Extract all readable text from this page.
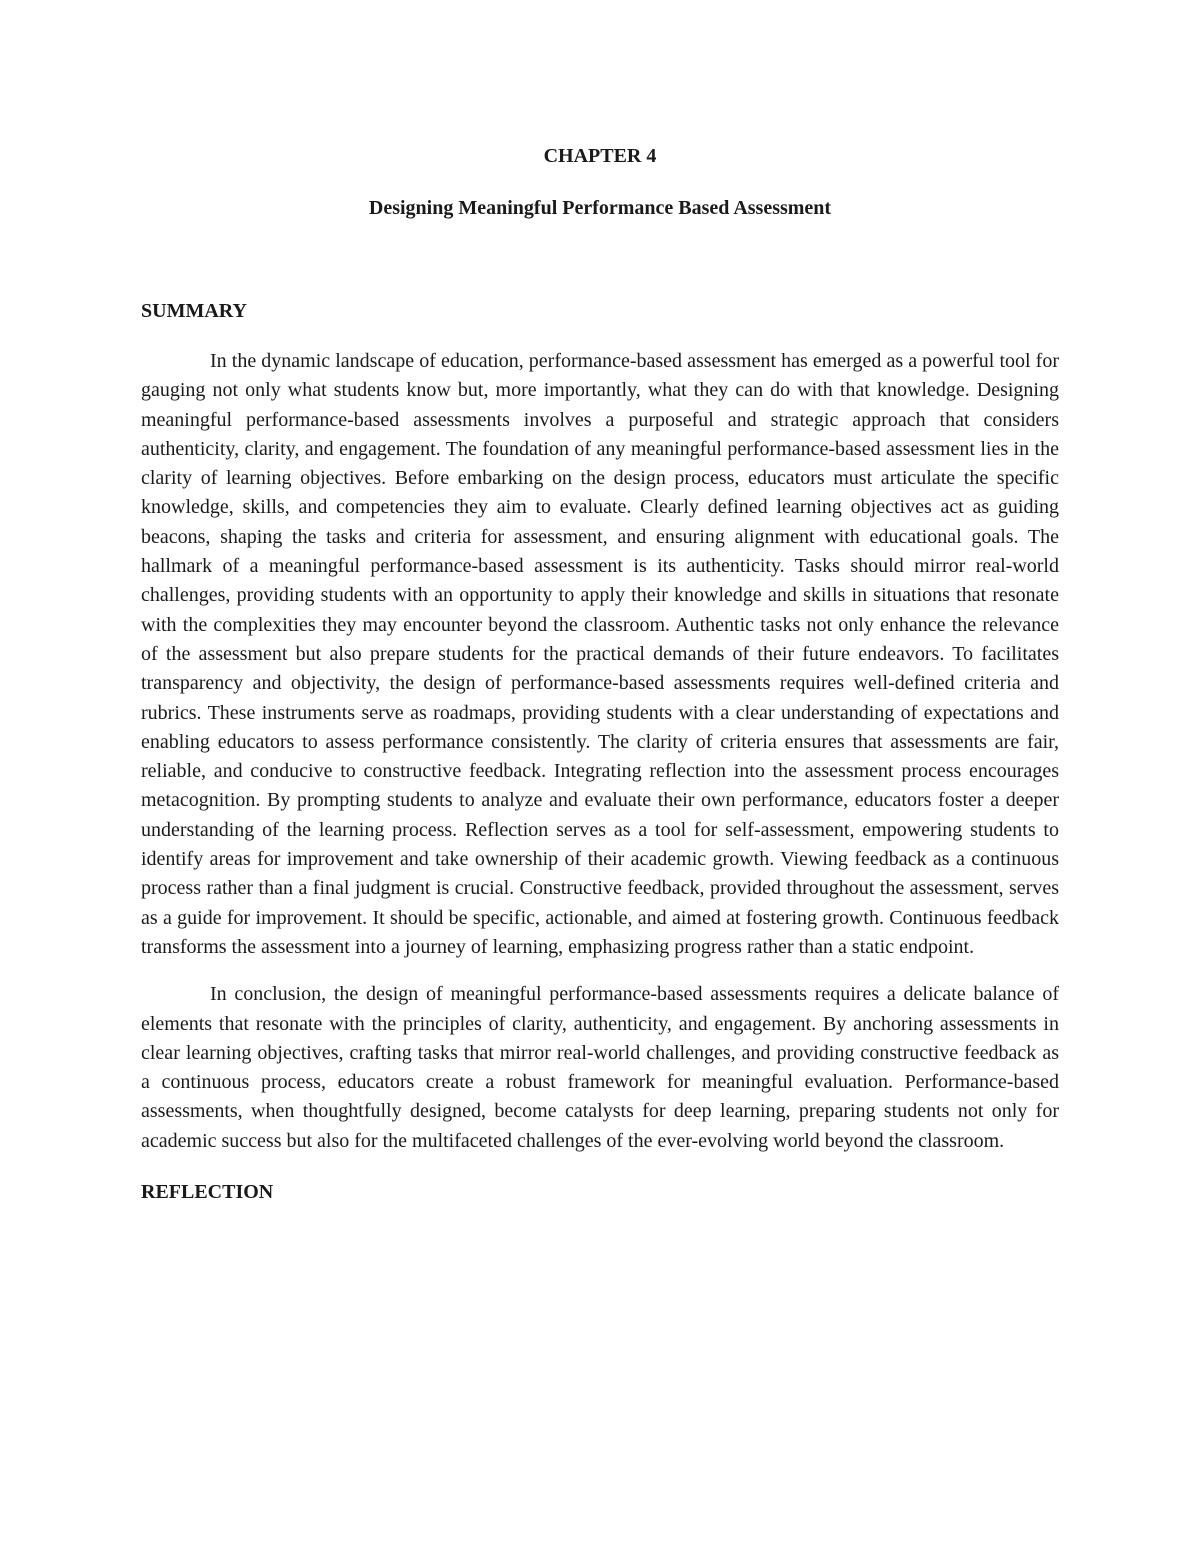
CHAPTER 4

Designing Meaningful Performance Based Assessment

SUMMARY

In the dynamic landscape of education, performance-based assessment has emerged as a powerful tool for gauging not only what students know but, more importantly, what they can do with that knowledge. Designing meaningful performance-based assessments involves a purposeful and strategic approach that considers authenticity, clarity, and engagement. The foundation of any meaningful performance-based assessment lies in the clarity of learning objectives. Before embarking on the design process, educators must articulate the specific knowledge, skills, and competencies they aim to evaluate. Clearly defined learning objectives act as guiding beacons, shaping the tasks and criteria for assessment, and ensuring alignment with educational goals. The hallmark of a meaningful performance-based assessment is its authenticity. Tasks should mirror real-world challenges, providing students with an opportunity to apply their knowledge and skills in situations that resonate with the complexities they may encounter beyond the classroom. Authentic tasks not only enhance the relevance of the assessment but also prepare students for the practical demands of their future endeavors. To facilitates transparency and objectivity, the design of performance-based assessments requires well-defined criteria and rubrics. These instruments serve as roadmaps, providing students with a clear understanding of expectations and enabling educators to assess performance consistently. The clarity of criteria ensures that assessments are fair, reliable, and conducive to constructive feedback. Integrating reflection into the assessment process encourages metacognition. By prompting students to analyze and evaluate their own performance, educators foster a deeper understanding of the learning process. Reflection serves as a tool for self-assessment, empowering students to identify areas for improvement and take ownership of their academic growth. Viewing feedback as a continuous process rather than a final judgment is crucial. Constructive feedback, provided throughout the assessment, serves as a guide for improvement. It should be specific, actionable, and aimed at fostering growth. Continuous feedback transforms the assessment into a journey of learning, emphasizing progress rather than a static endpoint.

In conclusion, the design of meaningful performance-based assessments requires a delicate balance of elements that resonate with the principles of clarity, authenticity, and engagement. By anchoring assessments in clear learning objectives, crafting tasks that mirror real-world challenges, and providing constructive feedback as a continuous process, educators create a robust framework for meaningful evaluation. Performance-based assessments, when thoughtfully designed, become catalysts for deep learning, preparing students not only for academic success but also for the multifaceted challenges of the ever-evolving world beyond the classroom.

REFLECTION
